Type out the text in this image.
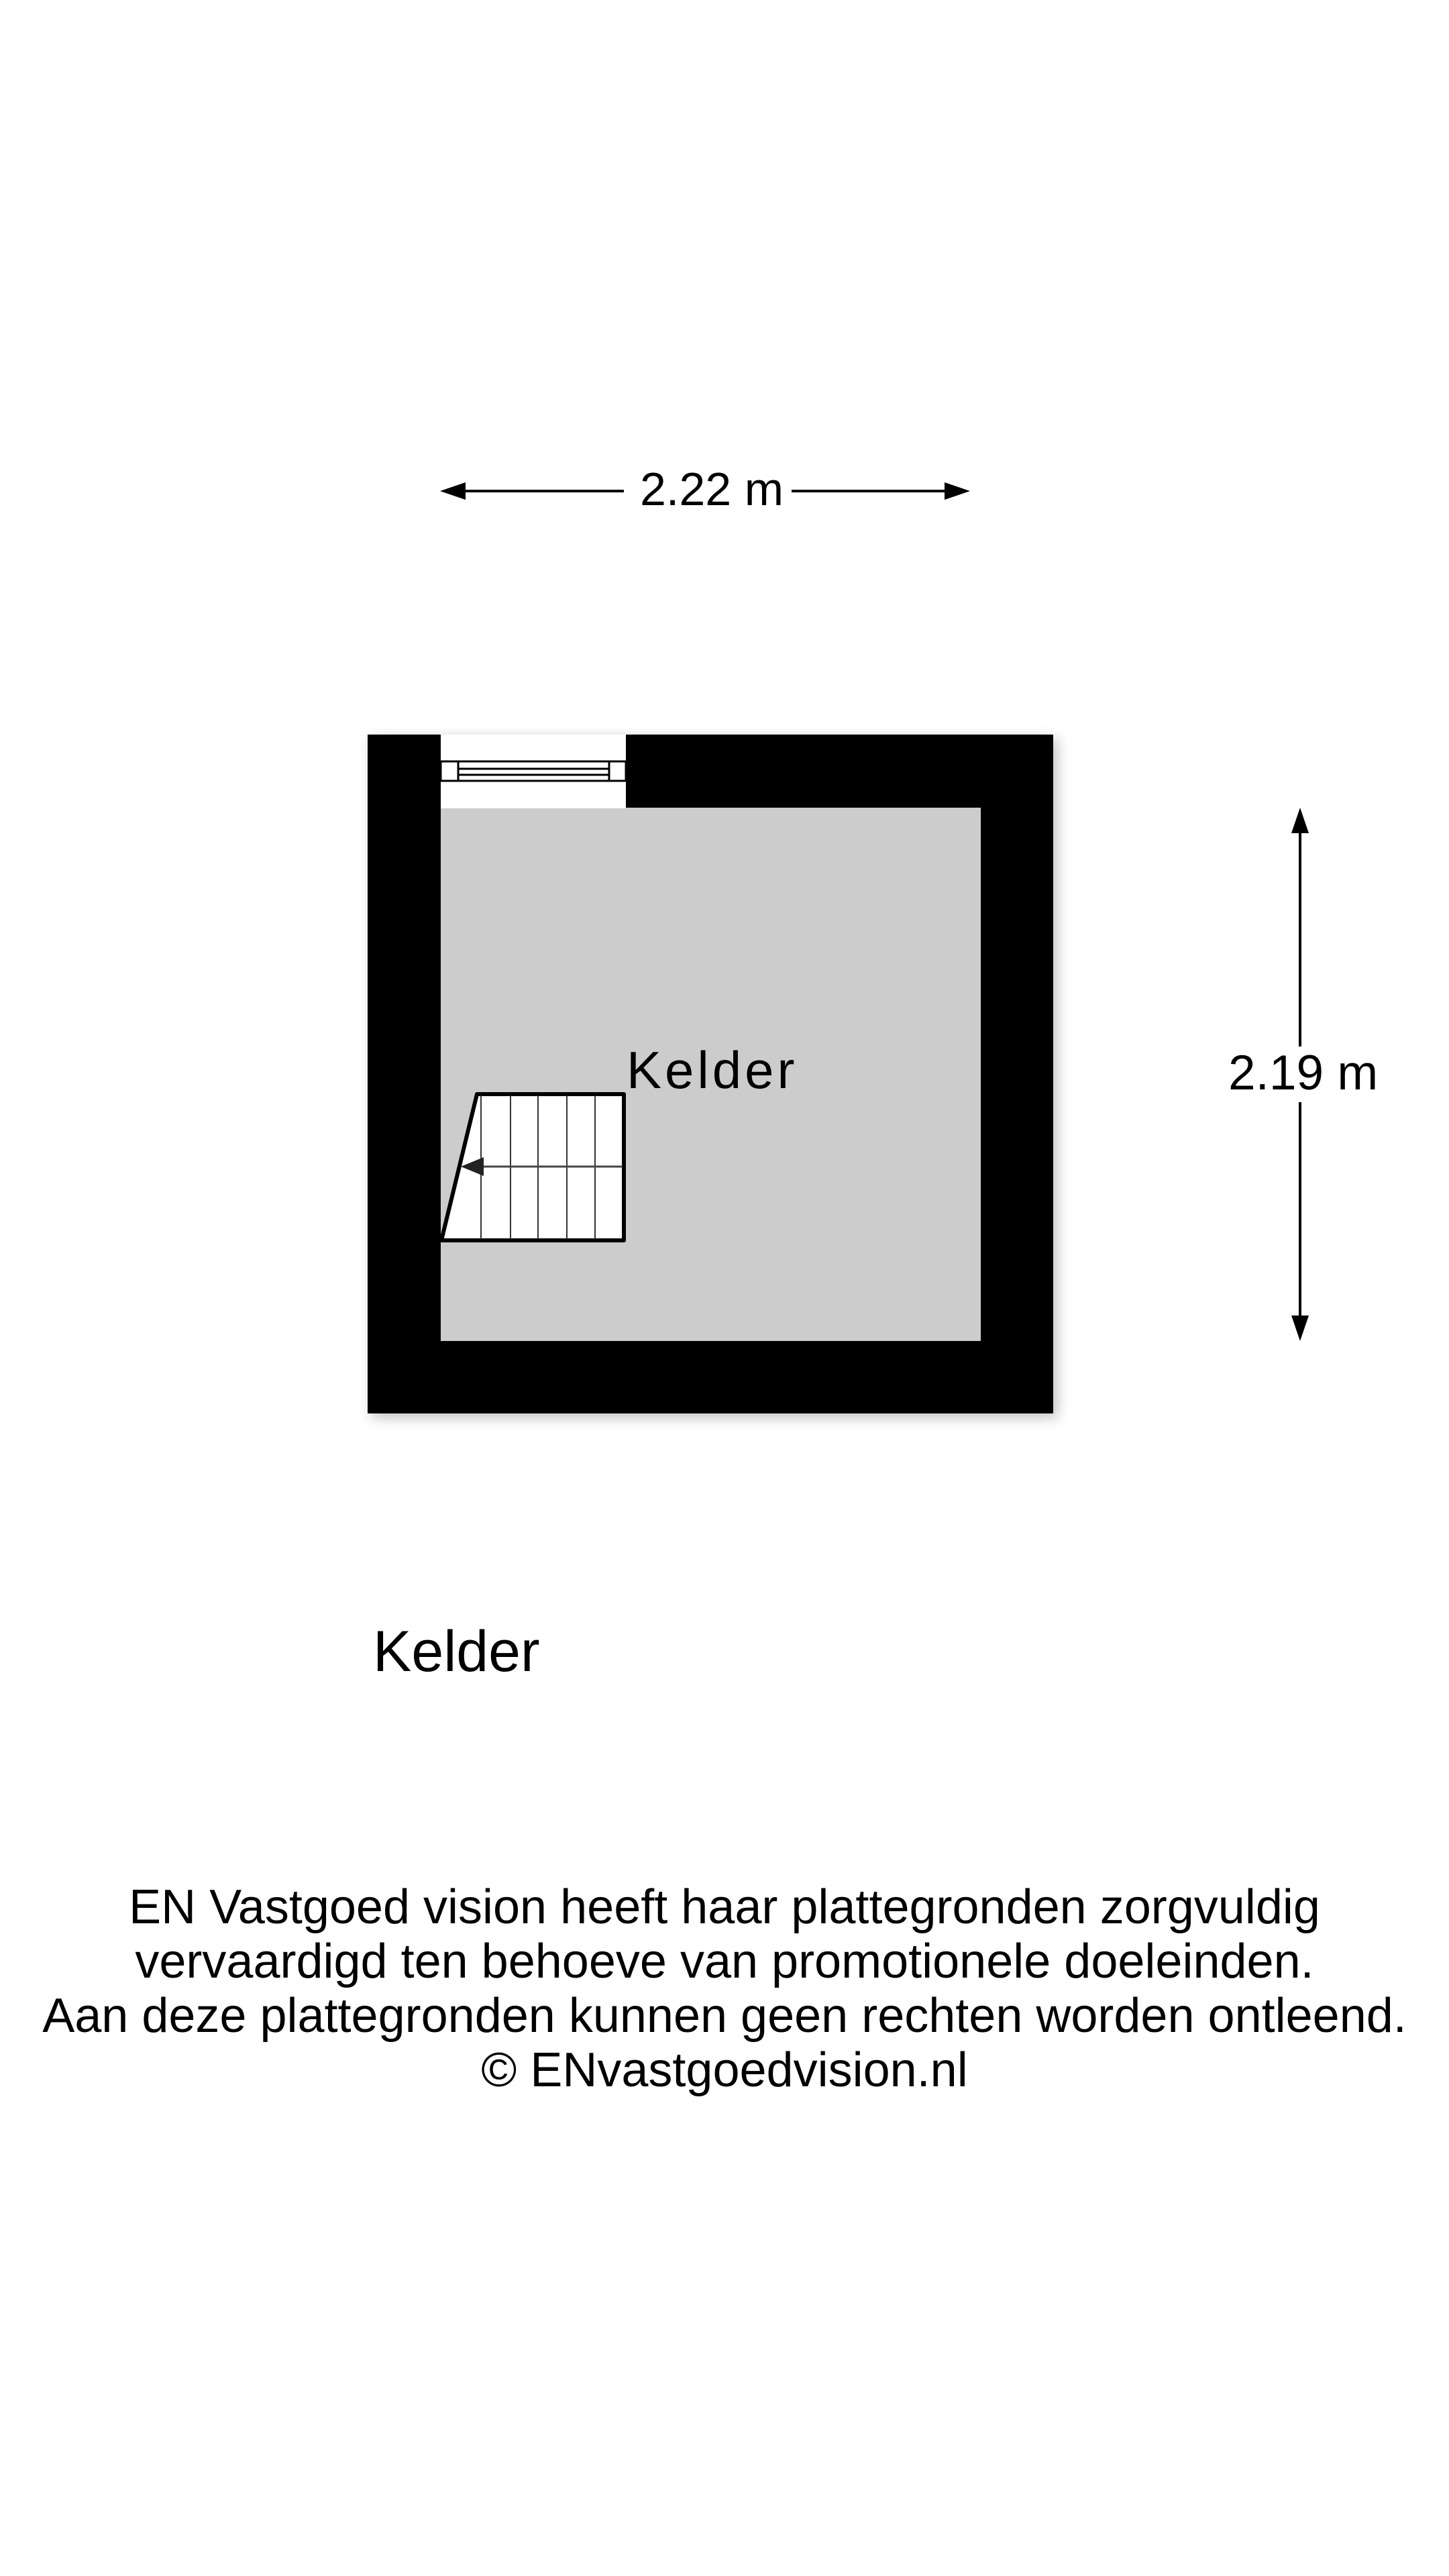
2.22 m
2.19 m
Kelder
Kelder
EN Vastgoed vision heeft haar plattegronden zorgvuldig
vervaardigd ten behoeve van promotionele doeleinden.
Aan deze plattegronden kunnen geen rechten worden ontleend.
© ENvastgoedvision.nl
